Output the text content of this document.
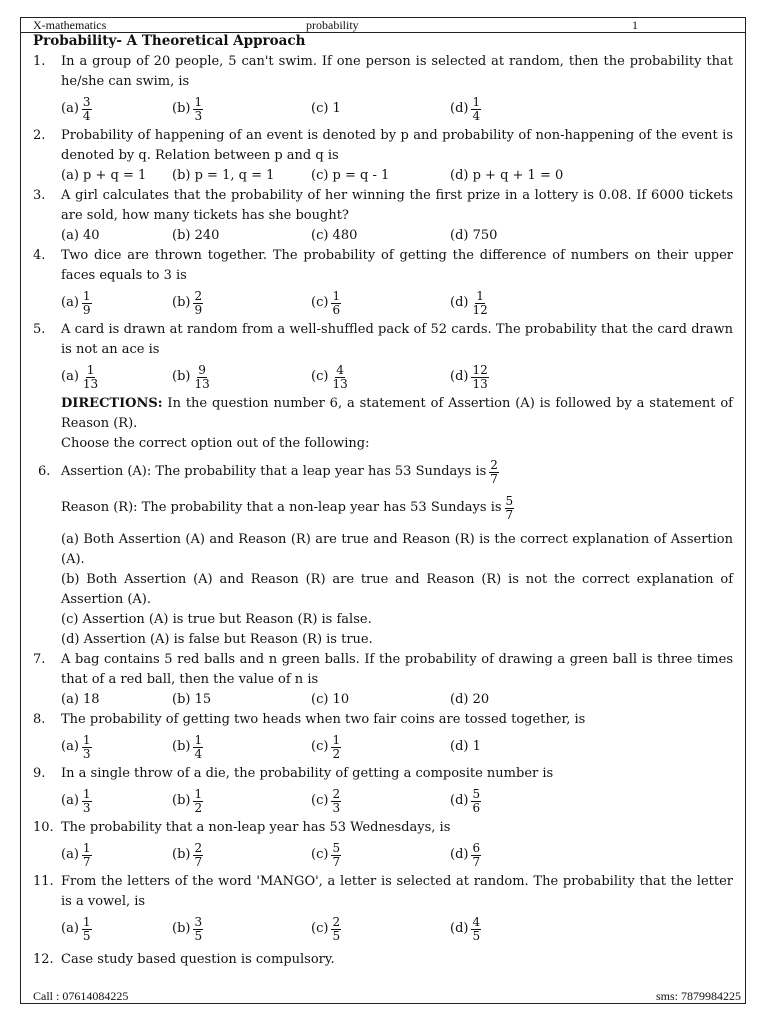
X-mathematics	probability	1
Probability- A Theoretical Approach
1.	In a group of 20 people, 5 can't swim. If one person is selected at random, then the probability that he/she can swim, is
$(a) \frac{3}{4}$	$(b) \frac{1}{3}$	(c) 1	$(d) \frac{1}{4}$
2.	Probability of happening of an event is denoted by p and probability of non-happening of the event is denoted by q. Relation between p and q is
(a) p + q = 1	(b) p = 1, q = 1	(c) p = q - 1	(d) p + q + 1 = 0
3.	A girl calculates that the probability of her winning the first prize in a lottery is 0.08. If 6000 tickets are sold, how many tickets has she bought?
(a) 40	(b) 240	(c) 480	(d) 750
4.	Two dice are thrown together. The probability of getting the difference of numbers on their upper faces equals to 3 is
$(a) \frac{1}{9}$	$(b) \frac{2}{9}$	$(c) \frac{1}{6}$	$(d) \frac{1}{12}$
5.	A card is drawn at random from a well-shuffled pack of 52 cards. The probability that the card drawn is not an ace is
$(a) \frac{1}{13}$	$(b) \frac{9}{13}$	$(c) \frac{4}{13}$	$(d) \frac{12}{13}$
DIRECTIONS: In the question number 6, a statement of Assertion (A) is followed by a statement of Reason (R).
Choose the correct option out of the following:
6. Assertion (A): The probability that a leap year has 53 Sundays is $\frac{2}{7}$
Reason (R): The probability that a non-leap year has 53 Sundays is $\frac{5}{7}$
(a) Both Assertion (A) and Reason (R) are true and Reason (R) is the correct explanation of Assertion (A).
(b) Both Assertion (A) and Reason (R) are true and Reason (R) is not the correct explanation of Assertion (A).
(c) Assertion (A) is true but Reason (R) is false.
(d) Assertion (A) is false but Reason (R) is true.
7.	A bag contains 5 red balls and n green balls. If the probability of drawing a green ball is three times that of a red ball, then the value of n is
(a) 18	(b) 15	(c) 10	(d) 20
8.	The probability of getting two heads when two fair coins are tossed together, is
$(a) \frac{1}{3}$	$(b) \frac{1}{4}$	$(c) \frac{1}{2}$	(d) 1
9.	In a single throw of a die, the probability of getting a composite number is
$(a) \frac{1}{3}$	$(b) \frac{1}{2}$	$(c) \frac{2}{3}$	$(d) \frac{5}{6}$
10. The probability that a non-leap year has 53 Wednesdays, is
$(a) \frac{1}{7}$	$(b) \frac{2}{7}$	$(c) \frac{5}{7}$	$(d) \frac{6}{7}$
11. From the letters of the word 'MANGO', a letter is selected at random. The probability that the letter is a vowel, is
$(a) \frac{1}{5}$	$(b) \frac{3}{5}$	$(c) \frac{2}{5}$	$(d) \frac{4}{5}$
12. Case study based question is compulsory.
Call : 07614084225	sms: 7879984225
